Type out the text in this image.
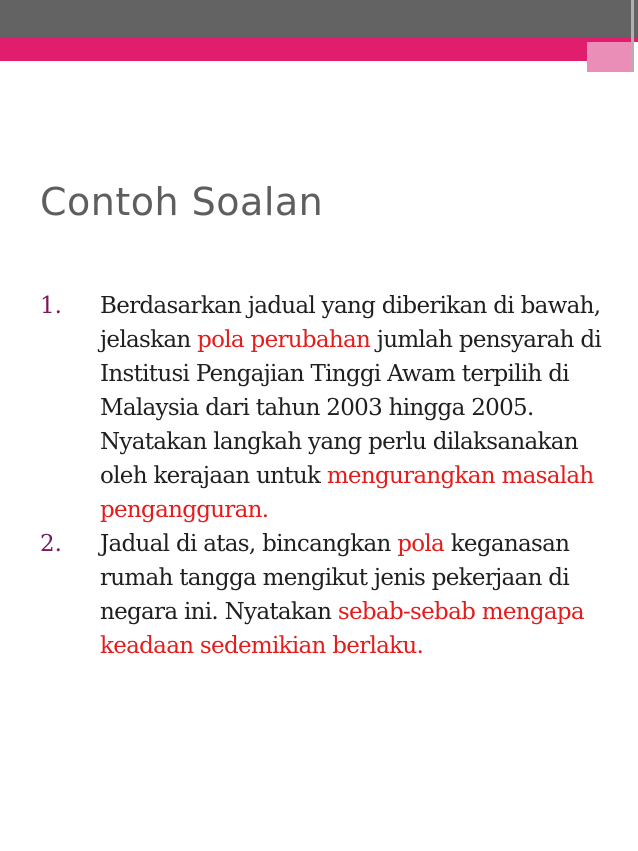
Contoh Soalan
1. Berdasarkan jadual yang diberikan di bawah, jelaskan pola perubahan jumlah pensyarah di Institusi Pengajian Tinggi Awam terpilih di Malaysia dari tahun 2003 hingga 2005. Nyatakan langkah yang perlu dilaksanakan oleh kerajaan untuk mengurangkan masalah pengangguran.
2. Jadual di atas, bincangkan pola keganasan rumah tangga mengikut jenis pekerjaan di negara ini. Nyatakan sebab-sebab mengapa keadaan sedemikian berlaku.
